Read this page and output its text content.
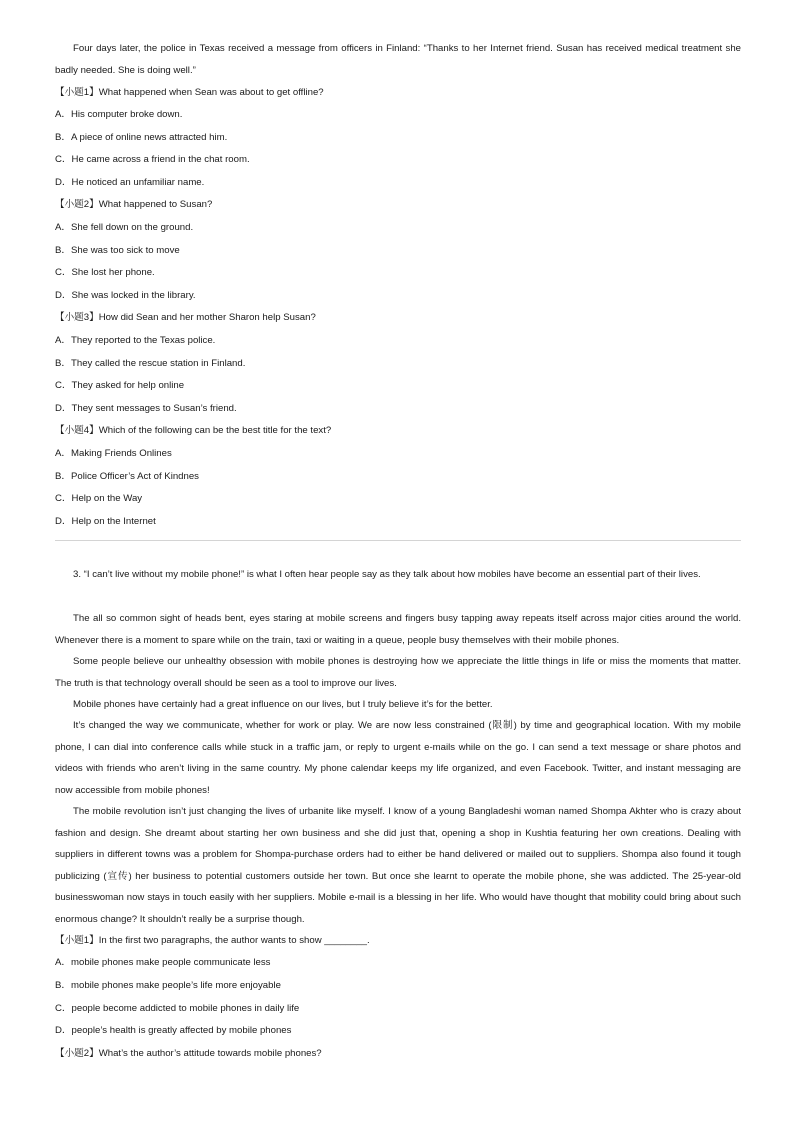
Four days later, the police in Texas received a message from officers in Finland: “Thanks to her Internet friend. Susan has received medical treatment she badly needed. She is doing well.”
【小题1】What happened when Sean was about to get offline?
A．His computer broke down.
B．A piece of online news attracted him.
C．He came across a friend in the chat room.
D．He noticed an unfamiliar name.
【小题2】What happened to Susan?
A．She fell down on the ground.
B．She was too sick to move
C．She lost her phone.
D．She was locked in the library.
【小题3】How did Sean and her mother Sharon help Susan?
A．They reported to the Texas police.
B．They called the rescue station in Finland.
C．They asked for help online
D．They sent messages to Susan’s friend.
【小题4】Which of the following can be the best title for the text?
A．Making Friends Onlines
B．Police Officer’s Act of Kindnes
C．Help on the Way
D．Help on the Internet
3. “I can’t live without my mobile phone!” is what I often hear people say as they talk about how mobiles have become an essential part of their lives.
The all so common sight of heads bent, eyes staring at mobile screens and fingers busy tapping away repeats itself across major cities around the world. Whenever there is a moment to spare while on the train, taxi or waiting in a queue, people busy themselves with their mobile phones.
Some people believe our unhealthy obsession with mobile phones is destroying how we appreciate the little things in life or miss the moments that matter. The truth is that technology overall should be seen as a tool to improve our lives.
Mobile phones have certainly had a great influence on our lives, but I truly believe it’s for the better.
It’s changed the way we communicate, whether for work or play. We are now less constrained (限制) by time and geographical location. With my mobile phone, I can dial into conference calls while stuck in a traffic jam, or reply to urgent e-mails while on the go. I can send a text message or share photos and videos with friends who aren’t living in the same country. My phone calendar keeps my life organized, and even Facebook. Twitter, and instant messaging are now accessible from mobile phones!
The mobile revolution isn’t just changing the lives of urbanite like myself. I know of a young Bangladeshi woman named Shompa Akhter who is crazy about fashion and design. She dreamt about starting her own business and she did just that, opening a shop in Kushtia featuring her own creations. Dealing with suppliers in different towns was a problem for Shompa-purchase orders had to either be hand delivered or mailed out to suppliers. Shompa also found it tough publicizing (宣传) her business to potential customers outside her town. But once she learnt to operate the mobile phone, she was addicted. The 25-year-old businesswoman now stays in touch easily with her suppliers. Mobile e-mail is a blessing in her life. Who would have thought that mobility could bring about such enormous change? It shouldn’t really be a surprise though.
【小题1】In the first two paragraphs, the author wants to show ________.
A．mobile phones make people communicate less
B．mobile phones make people’s life more enjoyable
C．people become addicted to mobile phones in daily life
D．people’s health is greatly affected by mobile phones
【小题2】What’s the author’s attitude towards mobile phones?
